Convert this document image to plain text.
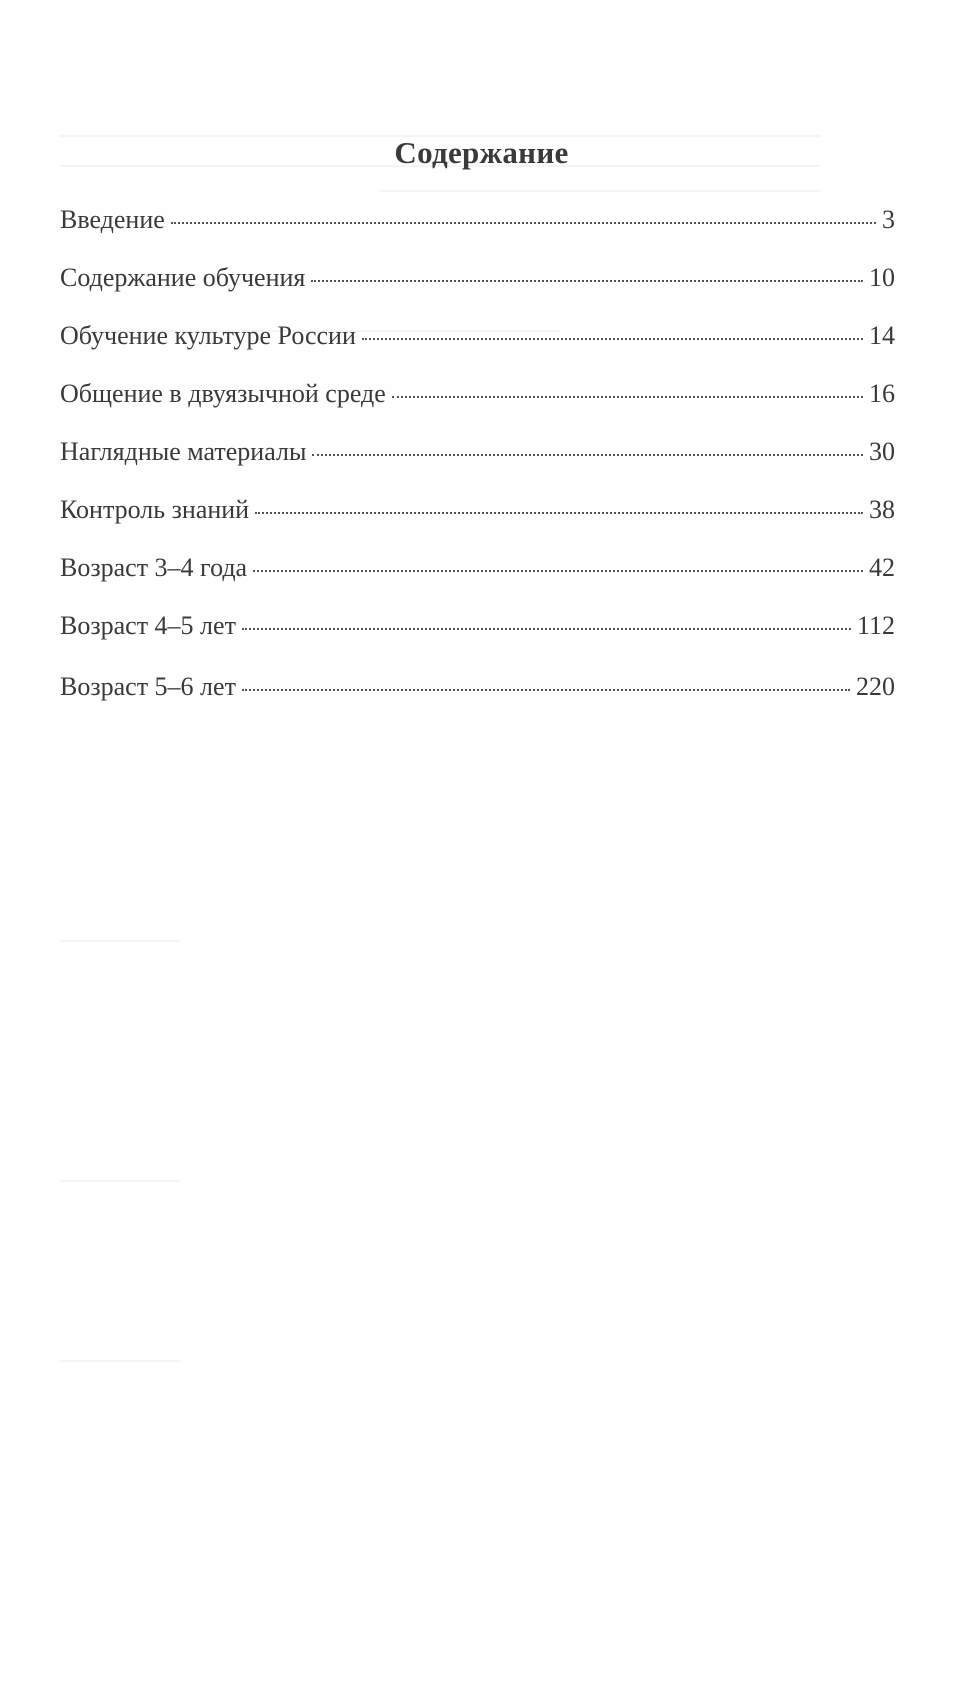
Содержание
Введение	3
Содержание обучения	10
Обучение культуре России	14
Общение в двуязычной среде	16
Наглядные материалы	30
Контроль знаний	38
Возраст 3–4 года	42
Возраст 4–5 лет	112
Возраст 5–6 лет	220
